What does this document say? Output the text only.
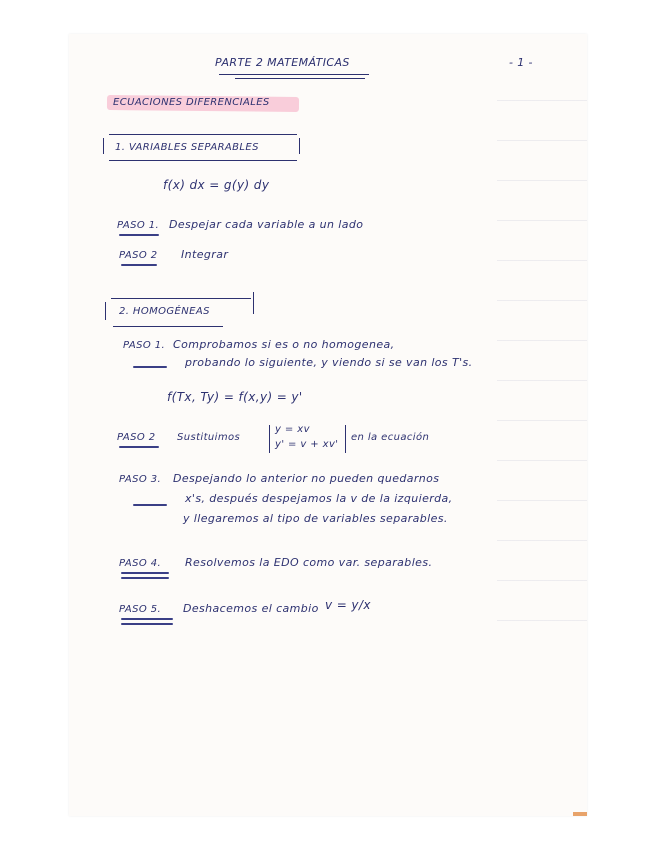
PARTE 2 MATEMÁTICAS	- 1 -
ECUACIONES DIFERENCIALES
1. VARIABLES SEPARABLES
f(x) dx = g(y) dy
PASO 1. Despejar cada variable a un lado
PASO 2 Integrar
2. HOMOGÉNEAS
PASO 1. Comprobamos si es o no homogenea,
probando lo siguiente, y viendo si se van los T's.
f(Tx, Ty) = f(x,y) = y'
PASO 2 Sustituimos
y = xv
y' = v + xv'
en la ecuación
PASO 3. Despejando lo anterior no pueden quedarnos
x's, después despejamos la v de la izquierda,
y llegaremos al tipo de variables separables.
PASO 4. Resolvemos la EDO como var. separables.
PASO 5. Deshacemos el cambio v = y/x
